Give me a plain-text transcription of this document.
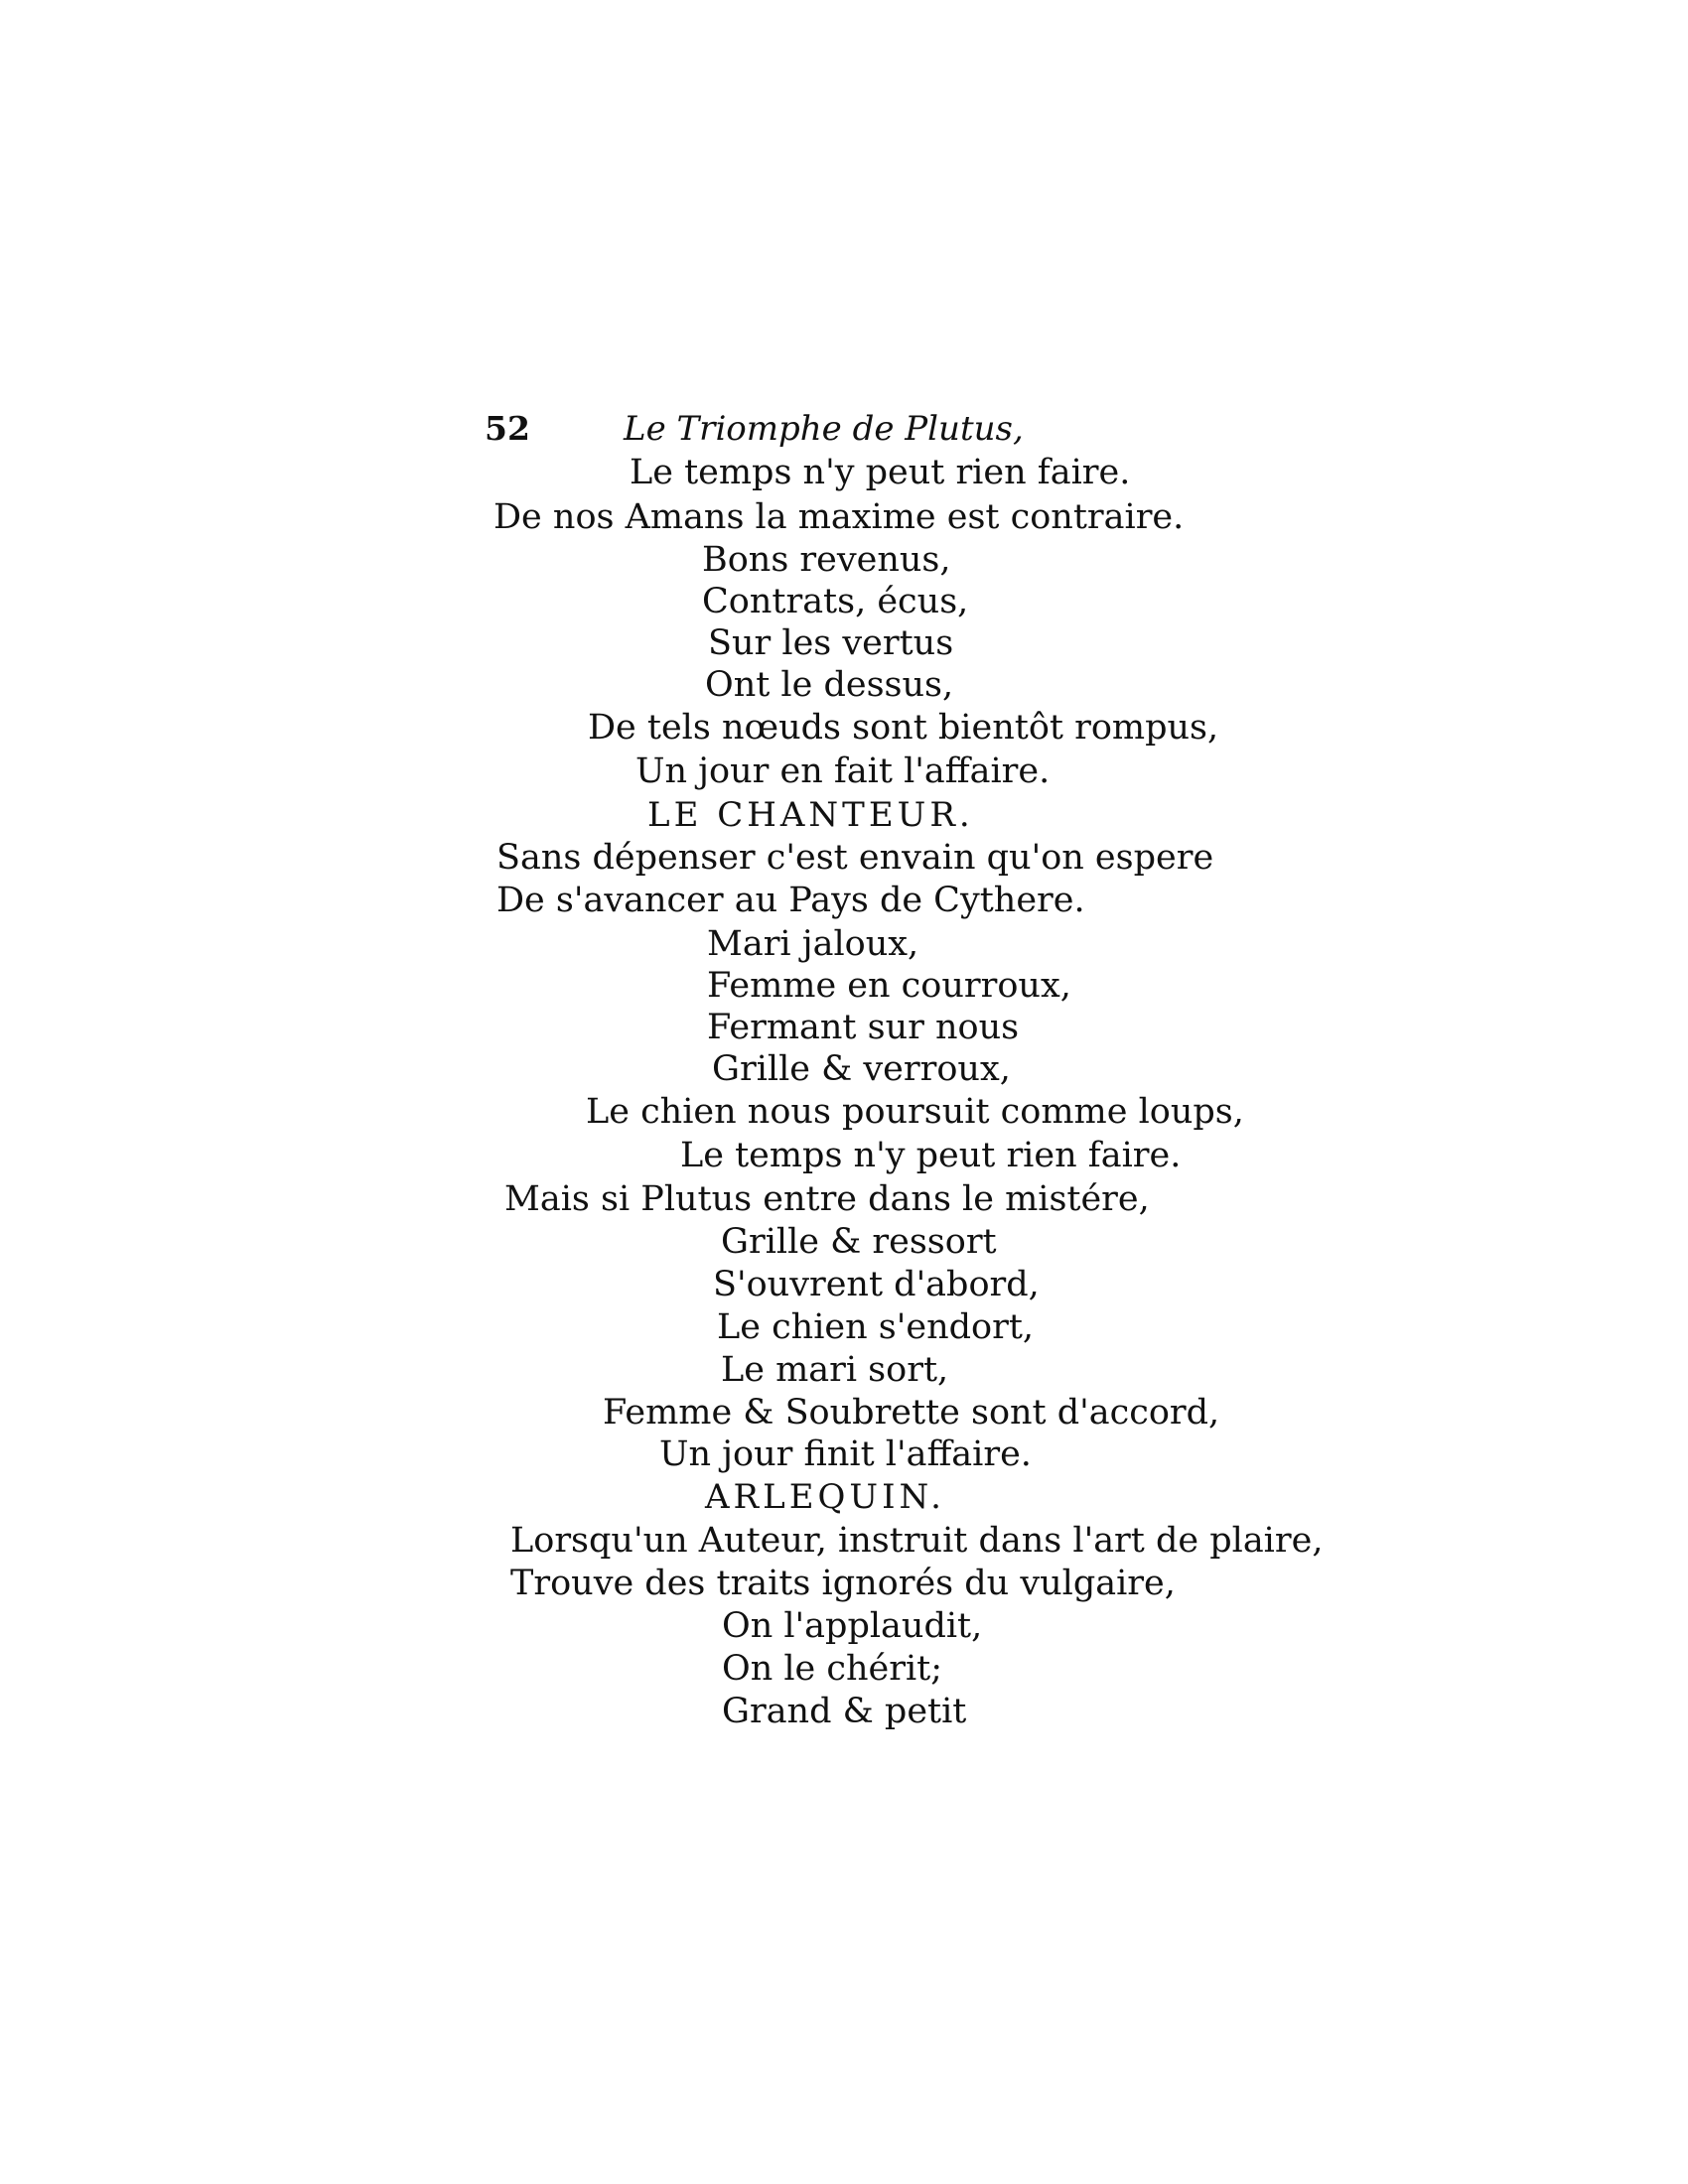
52	Le Triomphe de Plutus,
Le temps n'y peut rien faire.
De nos Amans la maxime est contraire.
Bons revenus,
Contrats, écus,
Sur les vertus
Ont le dessus,
De tels nœuds sont bientôt rompus,
Un jour en fait l'affaire.
LE CHANTEUR.
Sans dépenser c'est envain qu'on espere
De s'avancer au Pays de Cythere.
Mari jaloux,
Femme en courroux,
Fermant sur nous
Grille & verroux,
Le chien nous poursuit comme loups,
Le temps n'y peut rien faire.
Mais si Plutus entre dans le mistére,
Grille & ressort
S'ouvrent d'abord,
Le chien s'endort,
Le mari sort,
Femme & Soubrette sont d'accord,
Un jour finit l'affaire.
ARLEQUIN.
Lorsqu'un Auteur, instruit dans l'art de plaire,
Trouve des traits ignorés du vulgaire,
On l'applaudit,
On le chérit;
Grand & petit
